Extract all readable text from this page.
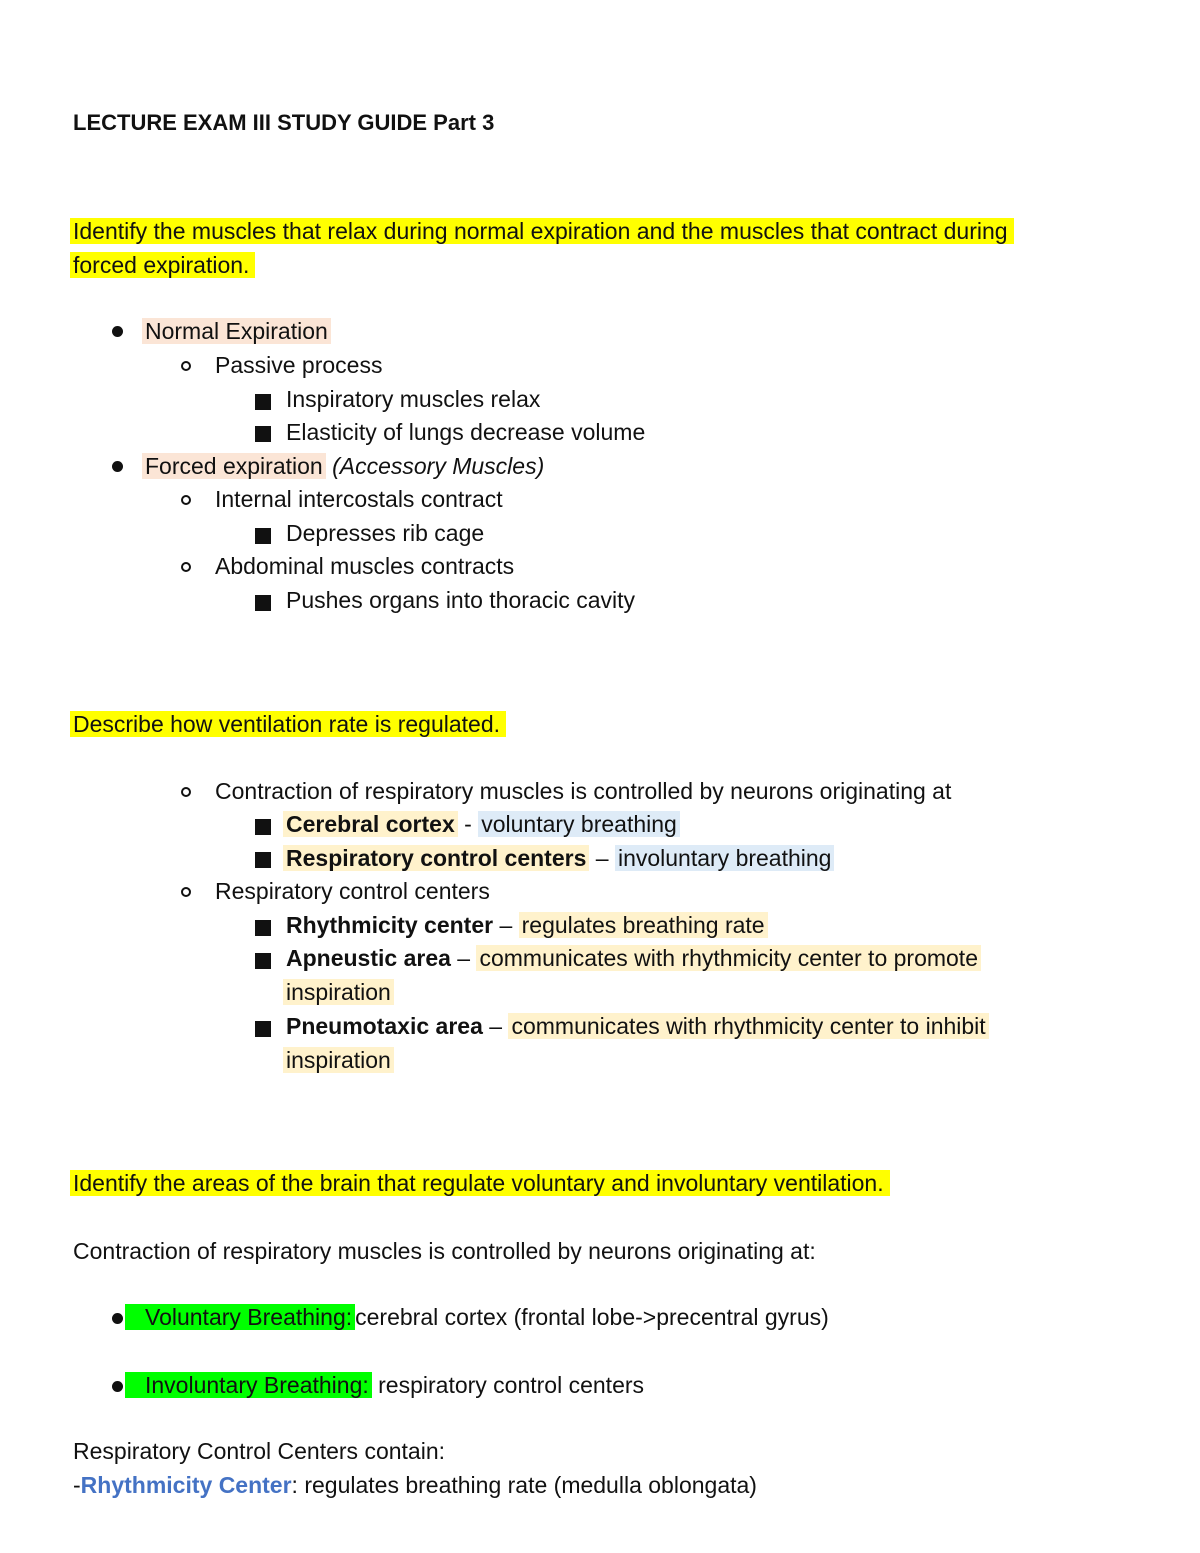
LECTURE EXAM III STUDY GUIDE Part 3
Identify the muscles that relax during normal expiration and the muscles that contract during
forced expiration.
Normal Expiration
Passive process
Inspiratory muscles relax
Elasticity of lungs decrease volume
Forced expiration (Accessory Muscles)
Internal intercostals contract
Depresses rib cage
Abdominal muscles contracts
Pushes organs into thoracic cavity
Describe how ventilation rate is regulated.
Contraction of respiratory muscles is controlled by neurons originating at
Cerebral cortex - voluntary breathing
Respiratory control centers – involuntary breathing
Respiratory control centers
Rhythmicity center – regulates breathing rate
Apneustic area – communicates with rhythmicity center to promote
inspiration
Pneumotaxic area – communicates with rhythmicity center to inhibit
inspiration
Identify the areas of the brain that regulate voluntary and involuntary ventilation.
Contraction of respiratory muscles is controlled by neurons originating at:
Voluntary Breathing: cerebral cortex (frontal lobe->precentral gyrus)
Involuntary Breathing: respiratory control centers
Respiratory Control Centers contain:
-Rhythmicity Center: regulates breathing rate (medulla oblongata)
